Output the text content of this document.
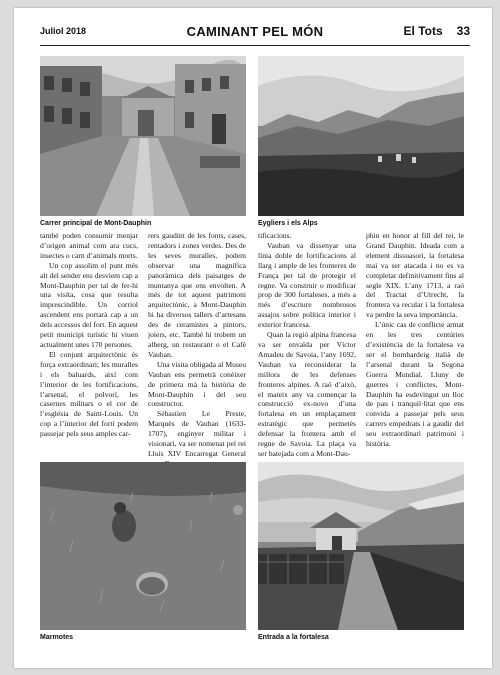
Juliol 2018	CAMINANT PEL MÓN	El Tots 33
Carrer principal de Mont-Dauphin	Eygliers i els Alps

també poden consumir menjar d’origen animal com ara cucs, insectes o carn d’animals morts.

Un cop assolim el punt més alt del sender ens desviem cap a Mont-Dauphin per tal de fer-hi una visita, cosa que resulta imprescindible. Un corriol ascendent ens portarà cap a un dels accessos del fort. En aquest petit municipi turístic hi viuen actualment unes 170 persones.

El conjunt arquitectònic és força extraordinari; les muralles i els baluards, així com l’interior de les fortificacions, l’arsenal, el polvorí, les casernes militars o el cor de l’església de Saint-Louis. Un cop a l’interior del fortí podem passejar pels seus amples car-

rers gaudint de les fonts, cases, rentadors i zones verdes. Des de les seves muralles, podem observar una magnífica panoràmica dels paisatges de muntanya que ens envolten. A més de tot aquest patrimoni arquitectònic, a Mont-Dauphin hi ha diversos tallers d’artesans des de ceramistes a pintors, joiers, etc. També hi trobem un alberg, un restaurant o el Cafè Vauban.

Una visita obligada al Museu Vauban ens permetrà conèixer de primera mà la història de Mont-Dauphin i del seu constructor.

Sébastien Le Preste, Marquès de Vauban (1633-1707), enginyer militar i visionari, va ser nomenat pel rei Lluís XIV Encarregat General

tificacions.

Vauban va dissenyar una línia doble de fortificacions al llarg i ample de les fronteres de França per tal de protegir el regne. Va construir o modificar prop de 300 fortaleses, a més a més d’escriure nombrosos assajos sobre política interior i exterior francesa.

Quan la regió alpina francesa va ser envaïda per Víctor Amadeu de Savoia, l’any 1692, Vauban va reconsiderar la millora de les defenses fronteres alpines. A raó d’això, el mateix any va començar la construcció ex-novo d’una fortalesa en un emplaçament estratègic que permetés defensar la frontera amb el regne de Savoia. La plaça va ser batejada com a Mont-Dau-

phin en honor al fill del rei, le Grand Dauphin. Ideada com a element dissuasori, la fortalesa mai va ser atacada i no es va completar definitivament fins al segle XIX. L’any 1713, a raó del Tractat d’Utrecht, la frontera va recular i la fortalesa va perdre la seva importància.

L’únic cas de conflicte armat en les tres centúries d’existència de la fortalesa va ser el bombardeig italià de l’arsenal durant la Segona Guerra Mundial. Lluny de guerres i conflictes, Mont-Dauphin ha esdevingut un lloc de pau i tranquil·litat que ens convida a passejar pels seus carrers empedrats i a gaudir del seu extraordinari patrimoni i història.

Marmotes	Entrada a la fortalesa
